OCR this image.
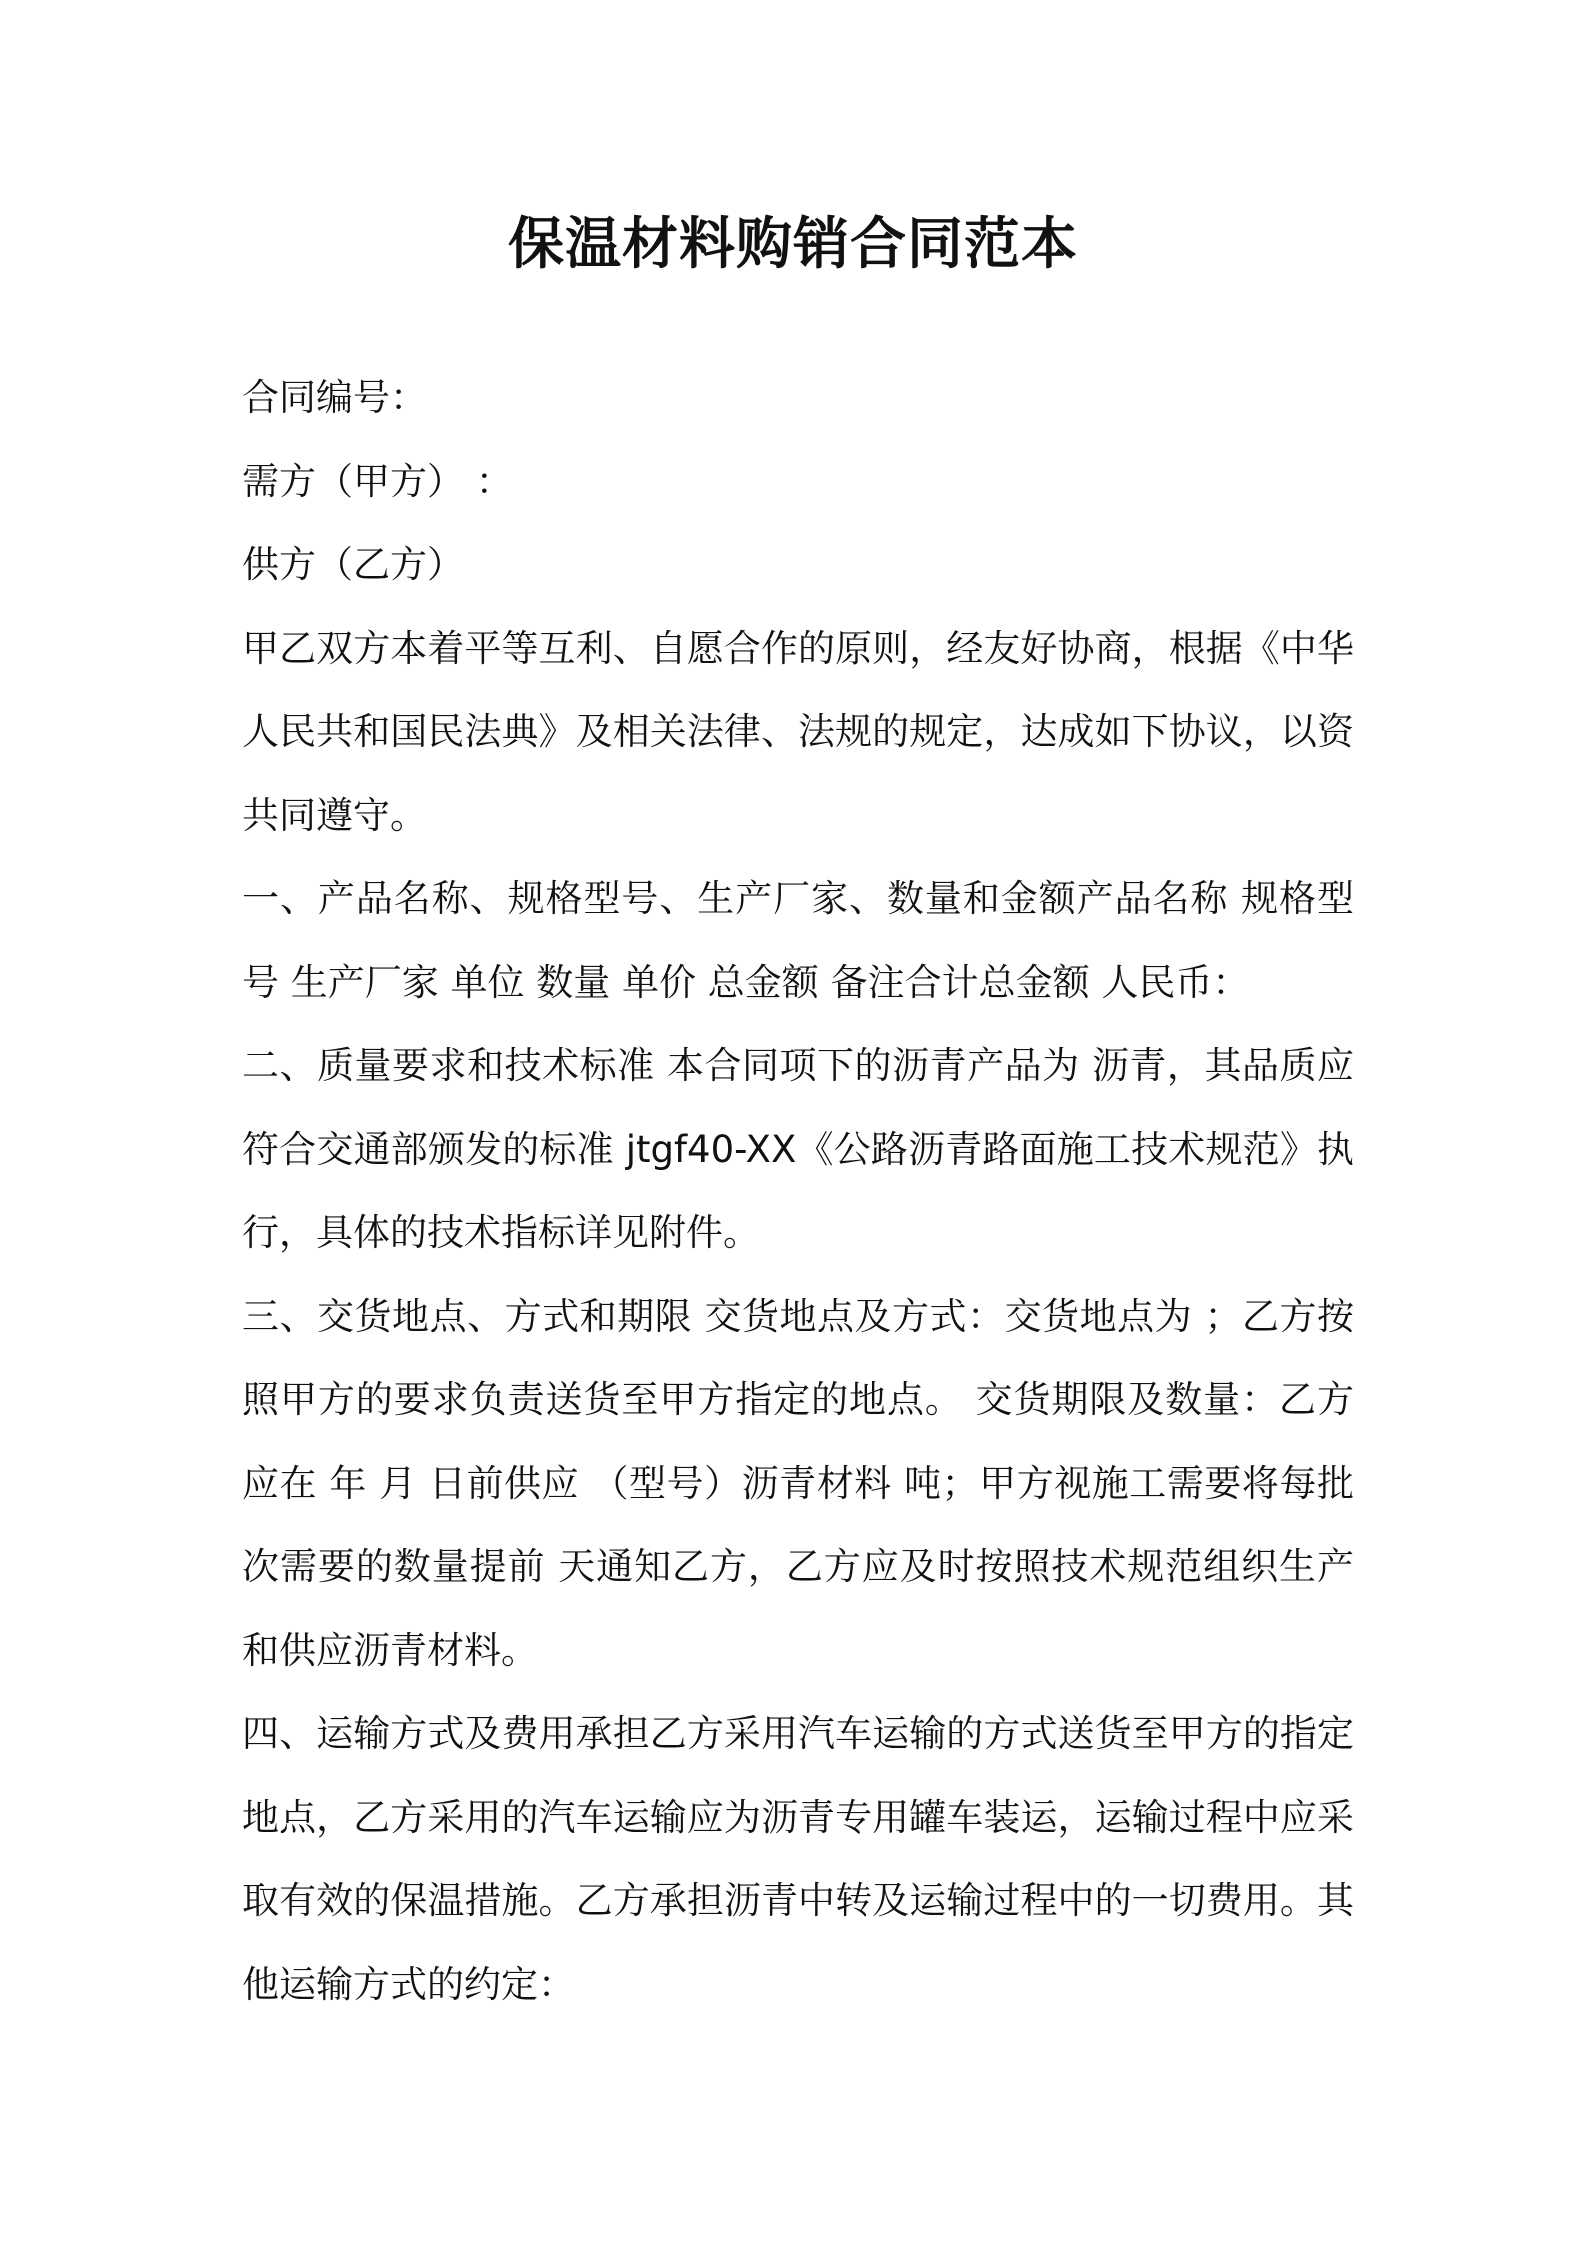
保温材料购销合同范本

合同编号：

需方（甲方） ：

供方（乙方）

甲乙双方本着平等互利、自愿合作的原则，经友好协商，根据《中华人民共和国民法典》及相关法律、法规的规定，达成如下协议，以资共同遵守。

一、产品名称、规格型号、生产厂家、数量和金额产品名称 规格型号 生产厂家 单位 数量 单价 总金额 备注合计总金额 人民币：

二、质量要求和技术标准 本合同项下的沥青产品为 沥青，其品质应符合交通部颁发的标准 jtgf40-XX《公路沥青路面施工技术规范》执行，具体的技术指标详见附件。

三、交货地点、方式和期限 交货地点及方式：交货地点为 ；乙方按照甲方的要求负责送货至甲方指定的地点。 交货期限及数量：乙方应在 年 月 日前供应 （型号）沥青材料 吨；甲方视施工需要将每批次需要的数量提前 天通知乙方，乙方应及时按照技术规范组织生产和供应沥青材料。

四、运输方式及费用承担乙方采用汽车运输的方式送货至甲方的指定地点，乙方采用的汽车运输应为沥青专用罐车装运，运输过程中应采取有效的保温措施。乙方承担沥青中转及运输过程中的一切费用。其他运输方式的约定：
